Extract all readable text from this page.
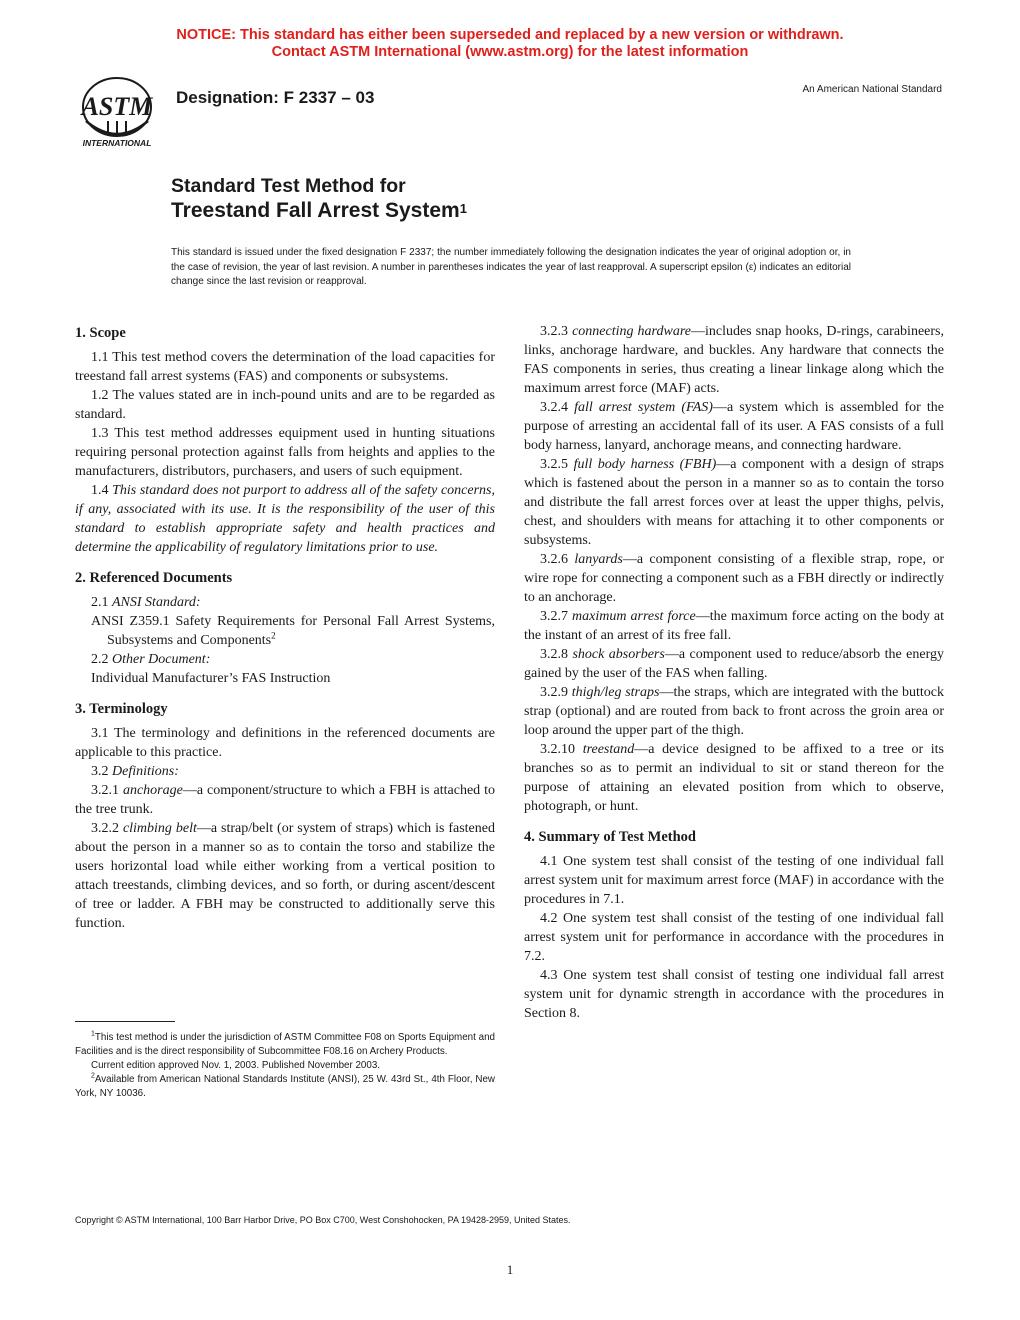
NOTICE: This standard has either been superseded and replaced by a new version or withdrawn.
Contact ASTM International (www.astm.org) for the latest information
ASTM
INTERNATIONAL
Designation: F 2337 – 03	An American National Standard
Standard Test Method for
Treestand Fall Arrest System$^1$
This standard is issued under the fixed designation F 2337; the number immediately following the designation indicates the year of original adoption or, in the case of revision, the year of last revision. A number in parentheses indicates the year of last reapproval. A superscript epsilon (ε) indicates an editorial change since the last revision or reapproval.
1. Scope

1.1 This test method covers the determination of the load capacities for treestand fall arrest systems (FAS) and components or subsystems.

1.2 The values stated are in inch-pound units and are to be regarded as standard.

1.3 This test method addresses equipment used in hunting situations requiring personal protection against falls from heights and applies to the manufacturers, distributors, purchasers, and users of such equipment.

1.4 This standard does not purport to address all of the safety concerns, if any, associated with its use. It is the responsibility of the user of this standard to establish appropriate safety and health practices and determine the applicability of regulatory limitations prior to use.

2. Referenced Documents

2.1 ANSI Standard:

ANSI Z359.1 Safety Requirements for Personal Fall Arrest Systems, Subsystems and Components$^2$

2.2 Other Document:

Individual Manufacturer’s FAS Instruction

3. Terminology

3.1 The terminology and definitions in the referenced documents are applicable to this practice.

3.2 Definitions:

3.2.1 anchorage—a component/structure to which a FBH is attached to the tree trunk.

3.2.2 climbing belt—a strap/belt (or system of straps) which is fastened about the person in a manner so as to contain the torso and stabilize the users horizontal load while either working from a vertical position to attach treestands, climbing devices, and so forth, or during ascent/descent of tree or ladder. A FBH may be constructed to additionally serve this function.

3.2.3 connecting hardware—includes snap hooks, D-rings, carabineers, links, anchorage hardware, and buckles. Any hardware that connects the FAS components in series, thus creating a linear linkage along which the maximum arrest force (MAF) acts.

3.2.4 fall arrest system (FAS)—a system which is assembled for the purpose of arresting an accidental fall of its user. A FAS consists of a full body harness, lanyard, anchorage means, and connecting hardware.

3.2.5 full body harness (FBH)—a component with a design of straps which is fastened about the person in a manner so as to contain the torso and distribute the fall arrest forces over at least the upper thighs, pelvis, chest, and shoulders with means for attaching it to other components or subsystems.

3.2.6 lanyards—a component consisting of a flexible strap, rope, or wire rope for connecting a component such as a FBH directly or indirectly to an anchorage.

3.2.7 maximum arrest force—the maximum force acting on the body at the instant of an arrest of its free fall.

3.2.8 shock absorbers—a component used to reduce/absorb the energy gained by the user of the FAS when falling.

3.2.9 thigh/leg straps—the straps, which are integrated with the buttock strap (optional) and are routed from back to front across the groin area or loop around the upper part of the thigh.

3.2.10 treestand—a device designed to be affixed to a tree or its branches so as to permit an individual to sit or stand thereon for the purpose of attaining an elevated position from which to observe, photograph, or hunt.

4. Summary of Test Method

4.1 One system test shall consist of the testing of one individual fall arrest system unit for maximum arrest force (MAF) in accordance with the procedures in 7.1.

4.2 One system test shall consist of the testing of one individual fall arrest system unit for performance in accordance with the procedures in 7.2.

4.3 One system test shall consist of testing one individual fall arrest system unit for dynamic strength in accordance with the procedures in Section 8.

$^1$This test method is under the jurisdiction of ASTM Committee F08 on Sports Equipment and Facilities and is the direct responsibility of Subcommittee F08.16 on Archery Products.

Current edition approved Nov. 1, 2003. Published November 2003.

$^2$Available from American National Standards Institute (ANSI), 25 W. 43rd St., 4th Floor, New York, NY 10036.

Copyright © ASTM International, 100 Barr Harbor Drive, PO Box C700, West Conshohocken, PA 19428-2959, United States.
1
